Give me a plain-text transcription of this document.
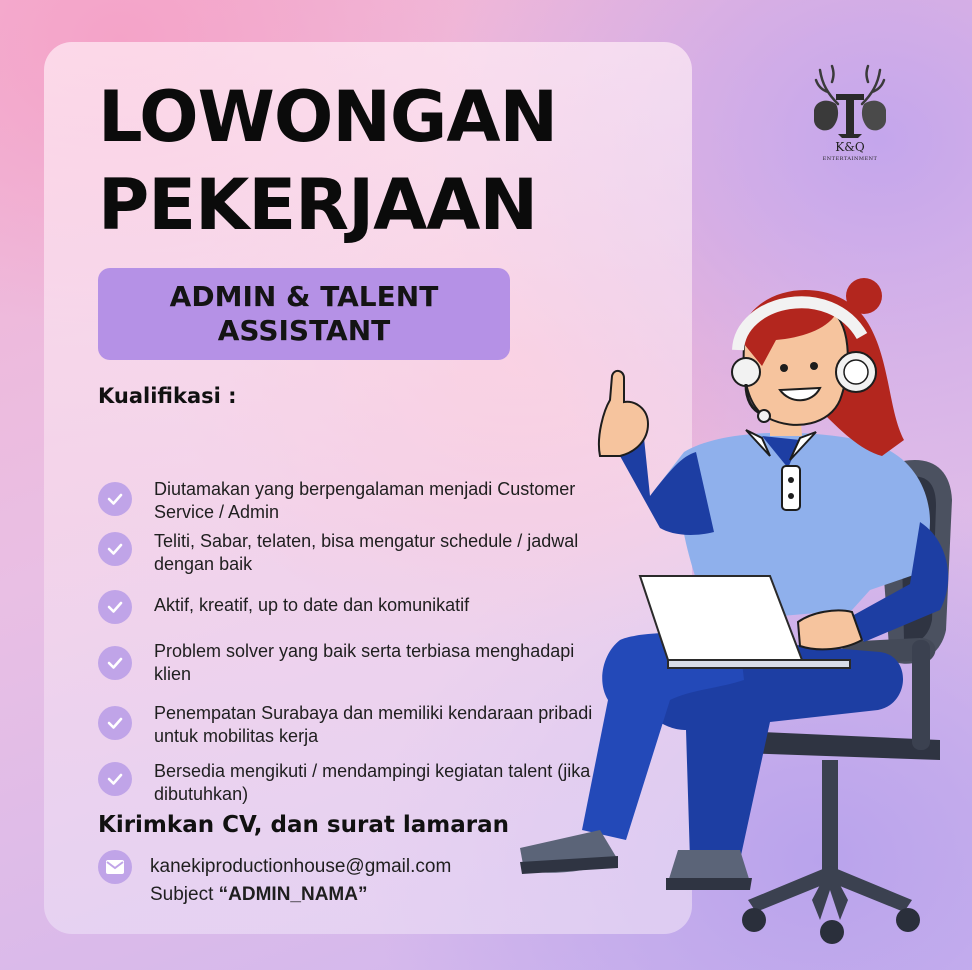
K&Q
ENTERTAINMENT
LOWONGAN
PEKERJAAN
ADMIN & TALENT ASSISTANT
Kualifikasi :
Diutamakan yang berpengalaman menjadi Customer Service / Admin
Teliti, Sabar, telaten, bisa mengatur schedule / jadwal dengan baik
Aktif, kreatif, up to date dan komunikatif
Problem solver yang baik serta terbiasa menghadapi klien
Penempatan Surabaya dan memiliki kendaraan pribadi untuk mobilitas kerja
Bersedia mengikuti / mendampingi kegiatan talent (jika dibutuhkan)
Kirimkan CV, dan surat lamaran
kanekiproductionhouse@gmail.com
Subject “ADMIN_NAMA”
